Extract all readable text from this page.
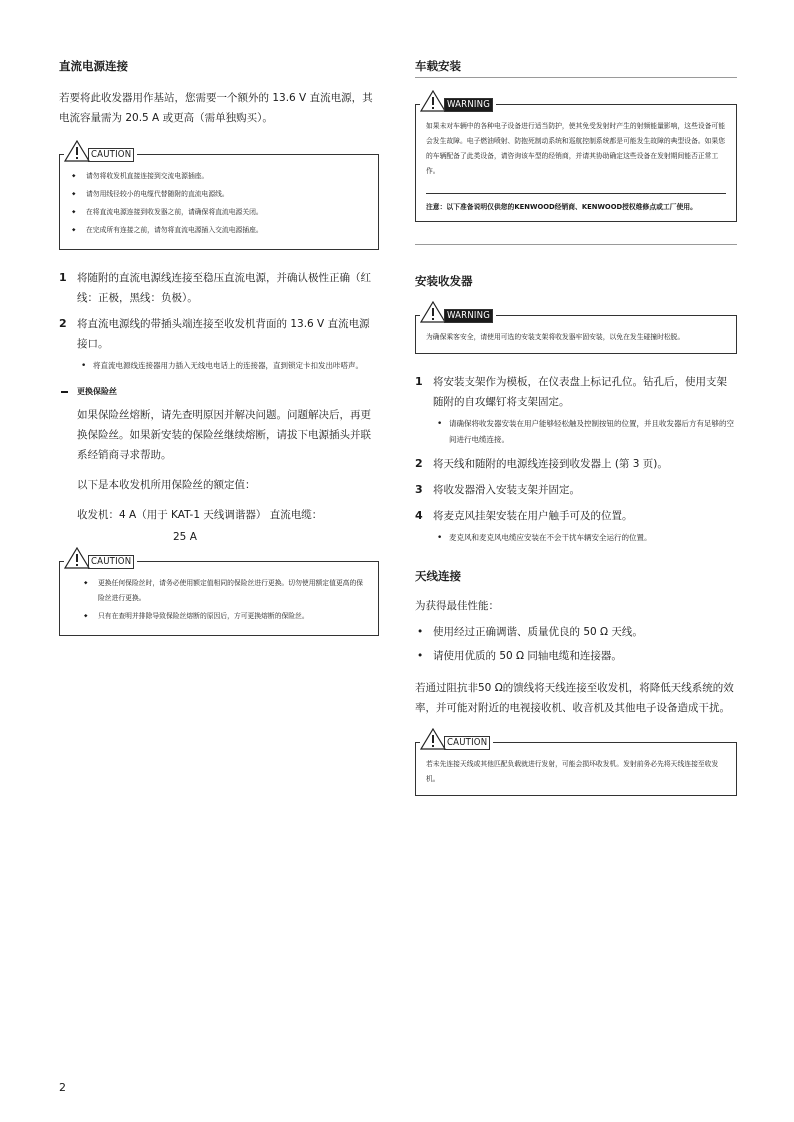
直流电源连接

若要将此收发器用作基站，您需要一个额外的 13.6 V 直流电源，其电流容量需为 20.5 A 或更高（需单独购买）。

CAUTION
⬥ 请勿将收发机直接连接到交流电源插座。
⬥ 请勿用线径较小的电缆代替随附的直流电源线。
⬥ 在将直流电源连接到收发器之前，请确保将直流电源关闭。
⬥ 在完成所有连接之前，请勿将直流电源插入交流电源插座。
1 将随附的直流电源线连接至稳压直流电源，并确认极性正确（红线：正极，黑线：负极）。
2 将直流电源线的带插头端连接至收发机背面的 13.6 V 直流电源接口。
• 将直流电源线连接器用力插入无线电电话上的连接器，直到锁定卡扣发出咔嗒声。
更换保险丝

如果保险丝熔断，请先查明原因并解决问题。问题解决后，再更换保险丝。如果新安装的保险丝继续熔断，请拔下电源插头并联系经销商寻求帮助。

以下是本收发机所用保险丝的额定值：

收发机：4 A（用于 KAT-1 天线调谐器） 直流电缆：

25 A

CAUTION
⬥ 更换任何保险丝时，请务必使用额定值相同的保险丝进行更换。切勿使用额定值更高的保险丝进行更换。
⬥ 只有在查明并排除导致保险丝熔断的原因后，方可更换熔断的保险丝。
车载安装
WARNING

如果未对车辆中的各种电子设备进行适当防护，使其免受发射时产生的射频能量影响，这些设备可能会发生故障。电子燃油喷射、防抱死制动系统和巡航控制系统都是可能发生故障的典型设备。如果您的车辆配备了此类设备，请咨询该车型的经销商，并请其协助确定这些设备在发射期间能否正常工作。

注意：以下准备说明仅供您的KENWOOD经销商、KENWOOD授权维修点或工厂使用。

安装收发器
WARNING

为确保乘客安全，请使用可选的安装支架将收发器牢固安装，以免在发生碰撞时松脱。

1 将安装支架作为模板，在仪表盘上标记孔位。钻孔后，使用支架随附的自攻螺钉将支架固定。
• 请确保将收发器安装在用户能够轻松触及控制按钮的位置，并且收发器后方有足够的空间进行电缆连接。
2 将天线和随附的电源线连接到收发器上 (第 3 页)。
3 将收发器滑入安装支架并固定。
4 将麦克风挂架安装在用户触手可及的位置。
• 麦克风和麦克风电缆应安装在不会干扰车辆安全运行的位置。
天线连接

为获得最佳性能：

• 使用经过正确调谐、质量优良的 50 Ω 天线。
• 请使用优质的 50 Ω 同轴电缆和连接器。

若通过阻抗非50 Ω的馈线将天线连接至收发机，将降低天线系统的效率，并可能对附近的电视接收机、收音机及其他电子设备造成干扰。

CAUTION

若未先连接天线或其他匹配负载就进行发射，可能会损坏收发机。发射前务必先将天线连接至收发机。

2
